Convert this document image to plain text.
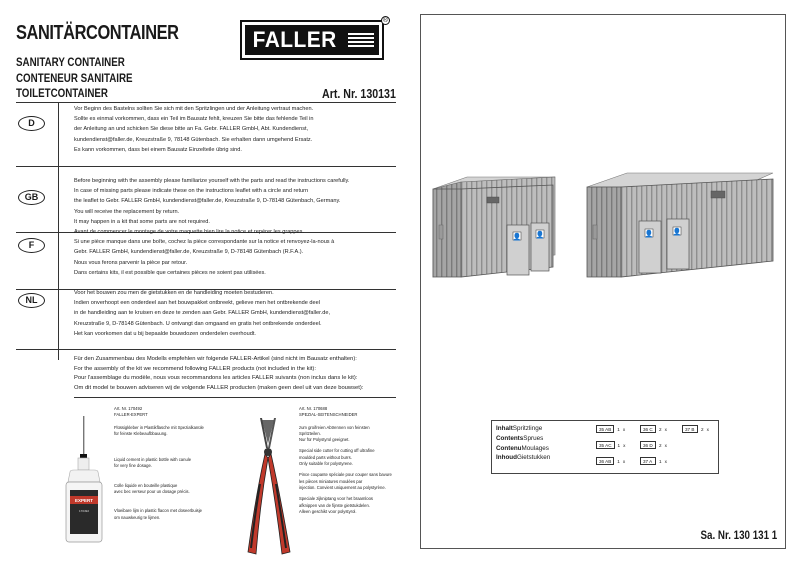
SANITÄRCONTAINER	FALLER
®
SANITARY CONTAINER
CONTENEUR SANITAIRE
TOILETCONTAINER	Art. Nr. 130131
D

Vor Beginn des Bastelns sollten Sie sich mit den Spritzlingen und der Anleitung vertraut machen.

Sollte es einmal vorkommen, dass ein Teil im Bausatz fehlt, kreuzen Sie bitte das fehlende Teil in

der Anleitung an und schicken Sie diese bitte an Fa. Gebr. FALLER GmbH, Abt. Kundendienst,

kundendienst@faller.de, Kreuzstraße 9, 78148 Gütenbach. Sie erhalten dann umgehend Ersatz.

Es kann vorkommen, dass bei einem Bausatz Einzelteile übrig sind.

GB

Before beginning with the assembly please familiarize yourself with the parts and read the instructions carefully.

In case of missing parts please indicate these on the instructions leaflet with a circle and return

the leaflet to Gebr. FALLER GmbH, kundendienst@faller.de, Kreuzstraße 9, D-78148 Gütenbach, Germany.

You will receive the replacement by return.

It may happen in a kit that some parts are not required.

F

Avant de commencer le montage de votre maquette bien lire la notice et repérer les grappes.

Si une pièce manque dans une boîte, cochez la pièce correspondante sur la notice et renvoyez-la-nous à

Gebr. FALLER GmbH, kundendienst@faller.de, Kreuzstraße 9, D-78148 Gütenbach (R.F.A.).

Nous vous ferons parvenir la pièce par retour.

Dans certains kits, il est possible que certaines pièces ne soient pas utilisées.

NL

Voor het bouwen zou men de gietstukken en de handleiding moeten bestuderen.

Indien onverhoopt een onderdeel aan het bouwpakket ontbreekt, gelieve men het ontbrekende deel

in de handleiding aan te kruisen en deze te zenden aan Gebr. FALLER GmbH, kundendienst@faller.de,

Kreuzstraße 9, D-78148 Gütenbach. U ontvangt dan omgaand en gratis het ontbrekende onderdeel.

Het kan voorkomen dat u bij bepaalde bouwdozen onderdelen overhoudt.

Für den Zusammenbau des Modells empfehlen wir folgende FALLER-Artikel (sind nicht im Bausatz enthalten):

For the assembly of the kit we recommend following FALLER products (not included in the kit):

Pour l'assemblage du modèle, nous vous recommandons les articles FALLER suivants (non inclus dans le kit):

Om dit model te bouwen adviseren wij de volgende FALLER producten (maken geen deel uit van deze bouwset):

EXPERT
170492

Art. Nr. 170492

FALLER-EXPERT

Flüssigkleber in Plastikflasche mit Spezialkanüle

für feinste Klebeaufbbauung.

Liquid cement in plastic bottle with canule

for very fine dosage.

Colle liquide en bouteille plastique

avec bec verseur pour un dosage précis.

Vloeibare lijm in plastic flacon met doseerbuisje

om nauwkeurig te lijmen.

Art. Nr. 170688

SPEZIAL-SEITENSCHNEIDER

zum groifreien Abtrennen von feinsten

Spritzteilen.

Nur für Polystyrol geeignet.

Special side cutter for cutting off ultrafine

moulded parts without burrs.

Only suitable for polystyrene.

Pince coupante spéciale pour couper sans bavure

les pièces miniatures moulées par

injection. Convient uniquement au polystyrène.

Speciale zijkniptang voor het braamloos

afknippen van de fijnste gietstukdelen.

Alleen geschikt voor polystyrol.

👤 👤	👤	👤
InhaltSpritzlinge
ContentsSprues
ContenuMoulages
InhoudGietstukken
35 AB	1 x	36 C	2 x	37 B	2 x
35 AC	1 x	36 D	2 x
36 AB	1 x	37 A	1 x
Sa. Nr. 130 131 1
